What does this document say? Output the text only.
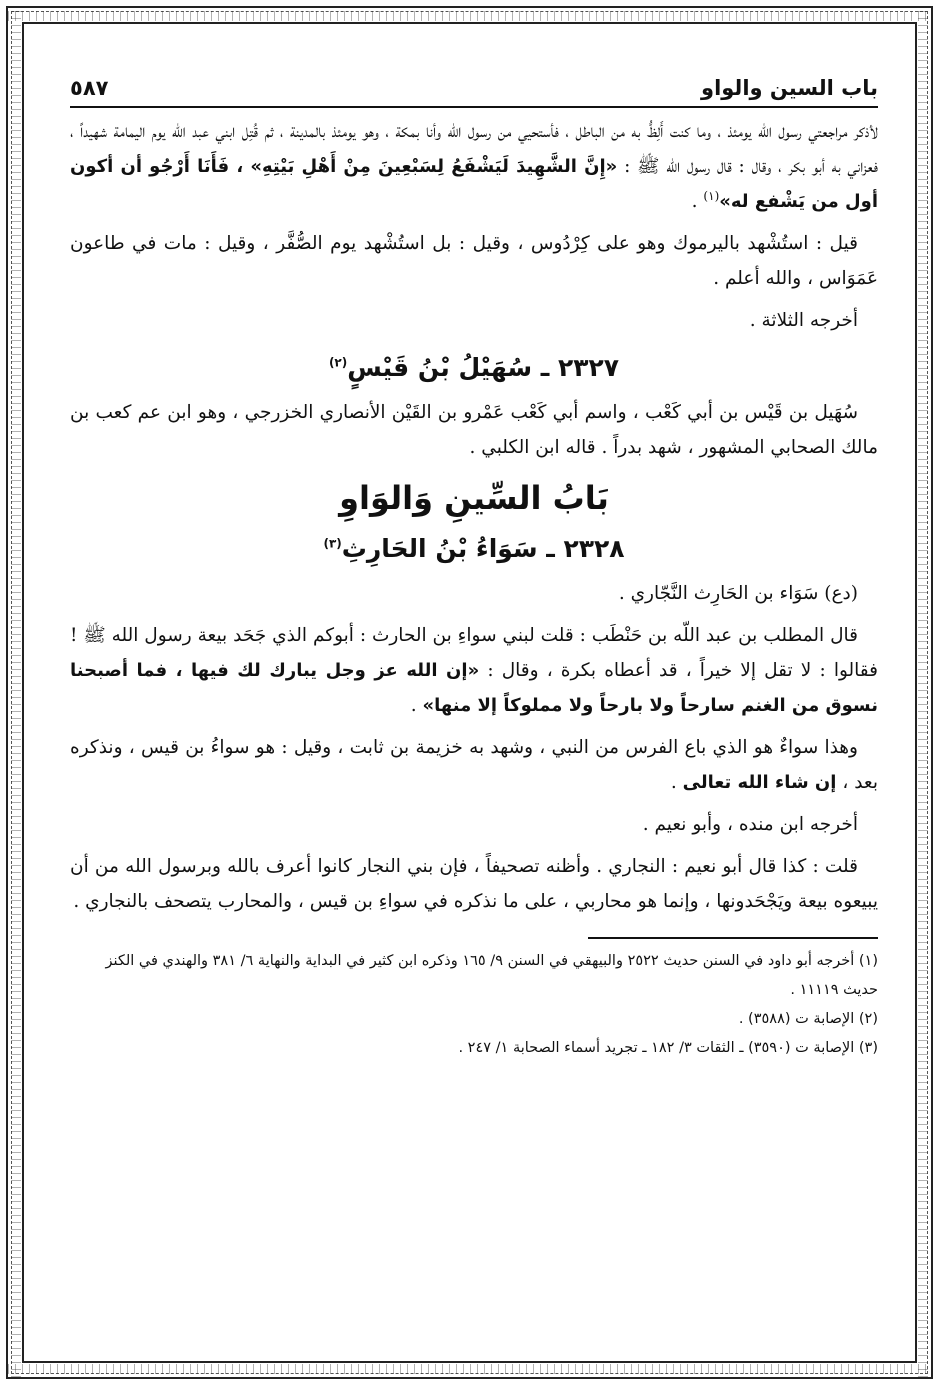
باب السين والواو
٥٨٧

لأذكر مراجعتي رسول الله يومئذ ، وما كنت أَلِظُّ به من الباطل ، فأستحيي من رسول الله وأنا بمكة ، وهو يومئذ بالمدينة ، ثم قُتِل ابني عبد الله يوم اليمامة شهيداً ، فعزاني به أبو بكر ، وقال : قال رسول الله ﷺ : «إِنَّ الشَّهِيدَ لَيَشْفَعُ لِسَبْعِينَ مِنْ أَهْلِ بَيْتِهِ» ، فَأَنَا أَرْجُو أن أكون أول من يَشْفع له»$^{(١)}$ .

قيل : استُشْهد باليرموك وهو على كِرْدُوس ، وقيل : بل استُشْهد يوم الصُّفَّر ، وقيل : مات في طاعون عَمَوَاس ، والله أعلم .

أخرجه الثلاثة .

٢٣٢٧ ـ سُهَيْلُ بْنُ قَيْسٍ$^{(٢)}$

سُهَيل بن قَيْس بن أبي كَعْب ، واسم أبي كَعْب عَمْرو بن القَيْن الأنصاري الخزرجي ، وهو ابن عم كعب بن مالك الصحابي المشهور ، شهد بدراً . قاله ابن الكلبي .

بَابُ السِّينِ وَالوَاوِ
٢٣٢٨ ـ سَوَاءُ بْنُ الحَارِثِ$^{(٣)}$

(دع) سَوَاء بن الحَارِث النَّجّاري .

قال المطلب بن عبد اللّه بن حَنْطَب : قلت لبني سواءِ بن الحارث : أبوكم الذي جَحَد بيعة رسول الله ﷺ ! فقالوا : لا تقل إلا خيراً ، قد أعطاه بكرة ، وقال : «إن الله عز وجل يبارك لك فيها ، فما أصبحنا نسوق من الغنم سارحاً ولا بارحاً ولا مملوكاً إلا منها» .

وهذا سواءٌ هو الذي باع الفرس من النبي ، وشهد به خزيمة بن ثابت ، وقيل : هو سواءُ بن قيس ، ونذكره بعد ، إن شاء الله تعالى .

أخرجه ابن منده ، وأبو نعيم .

قلت : كذا قال أبو نعيم : النجاري . وأظنه تصحيفاً ، فإن بني النجار كانوا أعرف بالله وبرسول الله من أن يبيعوه بيعة ويَجْحَدونها ، وإنما هو محاربي ، على ما نذكره في سواءِ بن قيس ، والمحارب يتصحف بالنجاري .

(١) أخرجه أبو داود في السنن حديث ٢٥٢٢ والبيهقي في السنن ٩/ ١٦٥ وذكره ابن كثير في البداية والنهاية ٦/ ٣٨١ والهندي في الكنز حديث ١١١١٩ .

(٢) الإصابة ت (٣٥٨٨) .

(٣) الإصابة ت (٣٥٩٠) ـ الثقات ٣/ ١٨٢ ـ تجريد أسماء الصحابة ١/ ٢٤٧ .
